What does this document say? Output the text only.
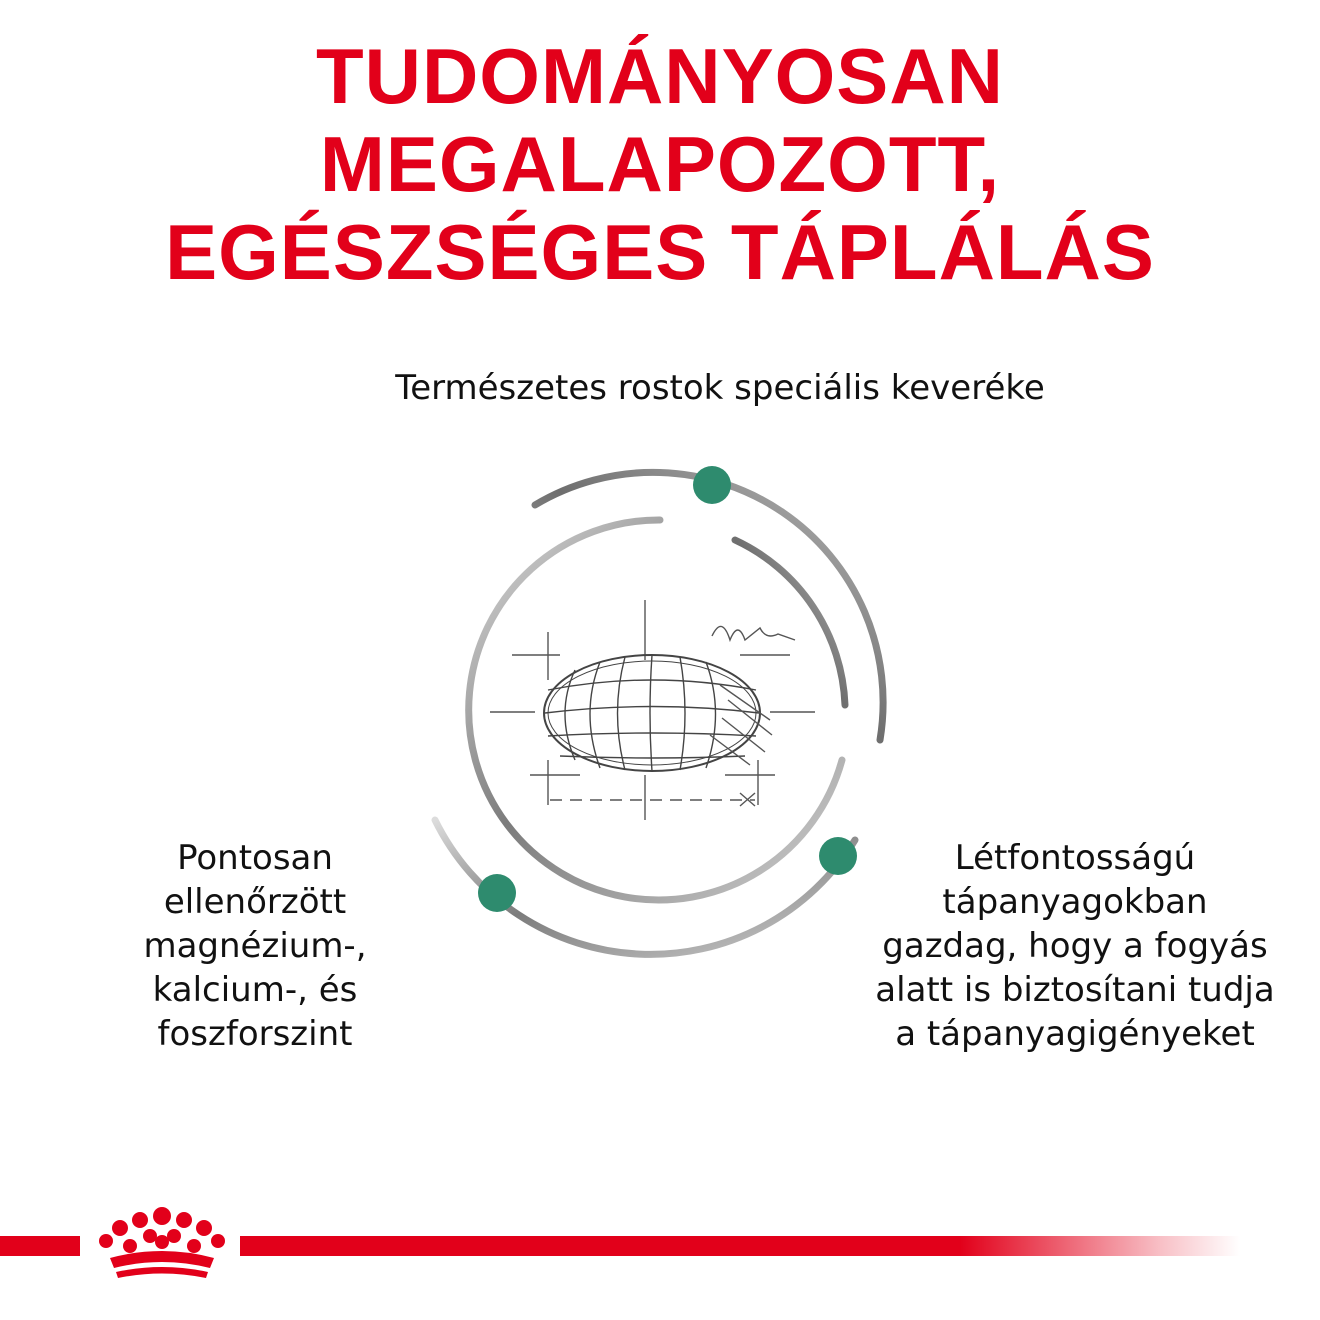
TUDOMÁNYOSAN MEGALAPOZOTT,
EGÉSZSÉGES TÁPLÁLÁS
Természetes rostok speciális keveréke
Pontosan
ellenőrzött
magnézium-,
kalcium-, és
foszforszint
Létfontosságú
tápanyagokban
gazdag, hogy a fogyás
alatt is biztosítani tudja
a tápanyagigényeket
